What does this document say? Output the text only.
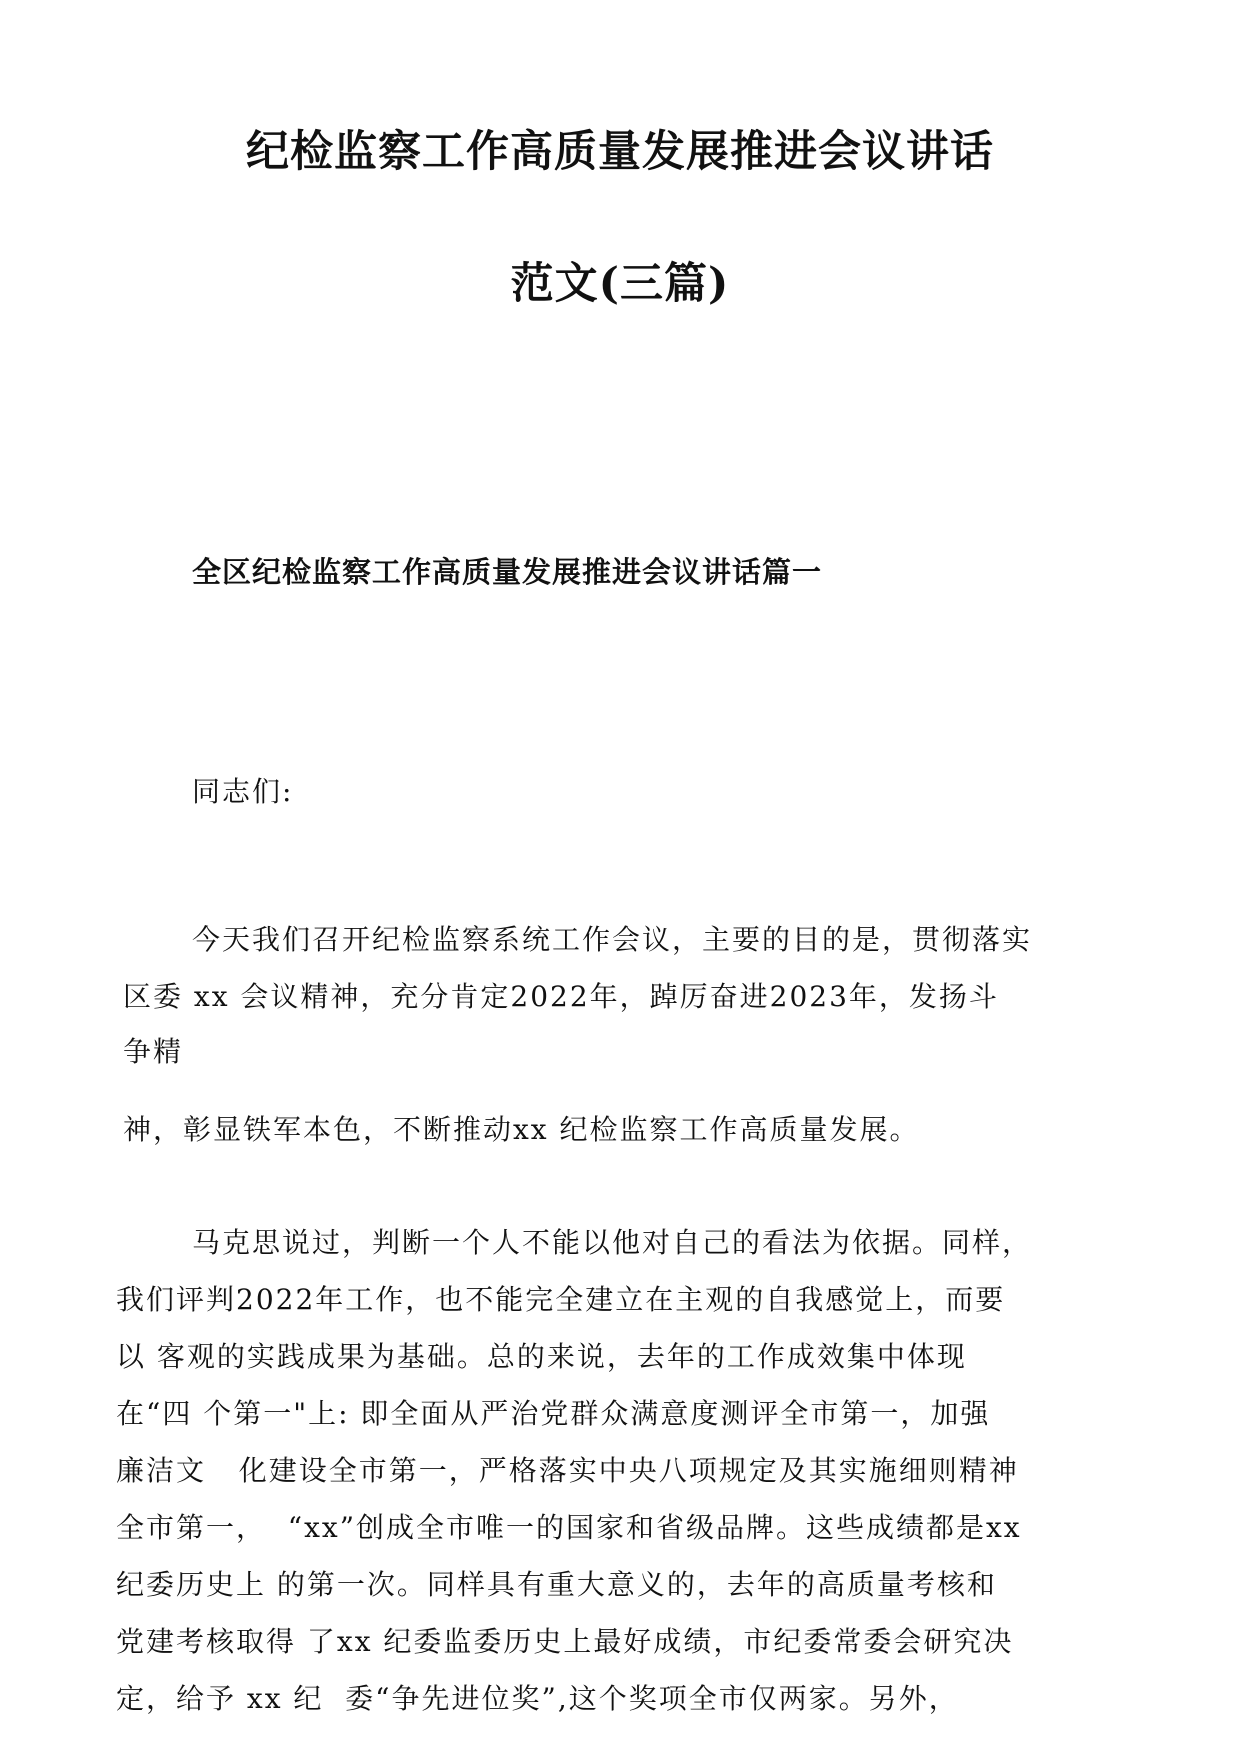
纪检监察工作高质量发展推进会议讲话
范文(三篇)
全区纪检监察工作高质量发展推进会议讲话篇一

同志们:

今天我们召开纪检监察系统工作会议，主要的目的是，贯彻落实

区委 xx 会议精神，充分肯定2022年，踔厉奋进2023年，发扬斗

争精

神，彰显铁军本色，不断推动xx 纪检监察工作高质量发展。

马克思说过，判断一个人不能以他对自己的看法为依据。同样，

我们评判2022年工作，也不能完全建立在主观的自我感觉上，而要

以 客观的实践成果为基础。总的来说，去年的工作成效集中体现

在“四 个第一"上: 即全面从严治党群众满意度测评全市第一，加强

廉洁文   化建设全市第一，严格落实中央八项规定及其实施细则精神

全市第一，  “xx”创成全市唯一的国家和省级品牌。这些成绩都是xx

纪委历史上 的第一次。同样具有重大意义的，去年的高质量考核和

党建考核取得 了xx 纪委监委历史上最好成绩，市纪委常委会研究决

定，给予 xx 纪  委“争先进位奖”,这个奖项全市仅两家。另外，
